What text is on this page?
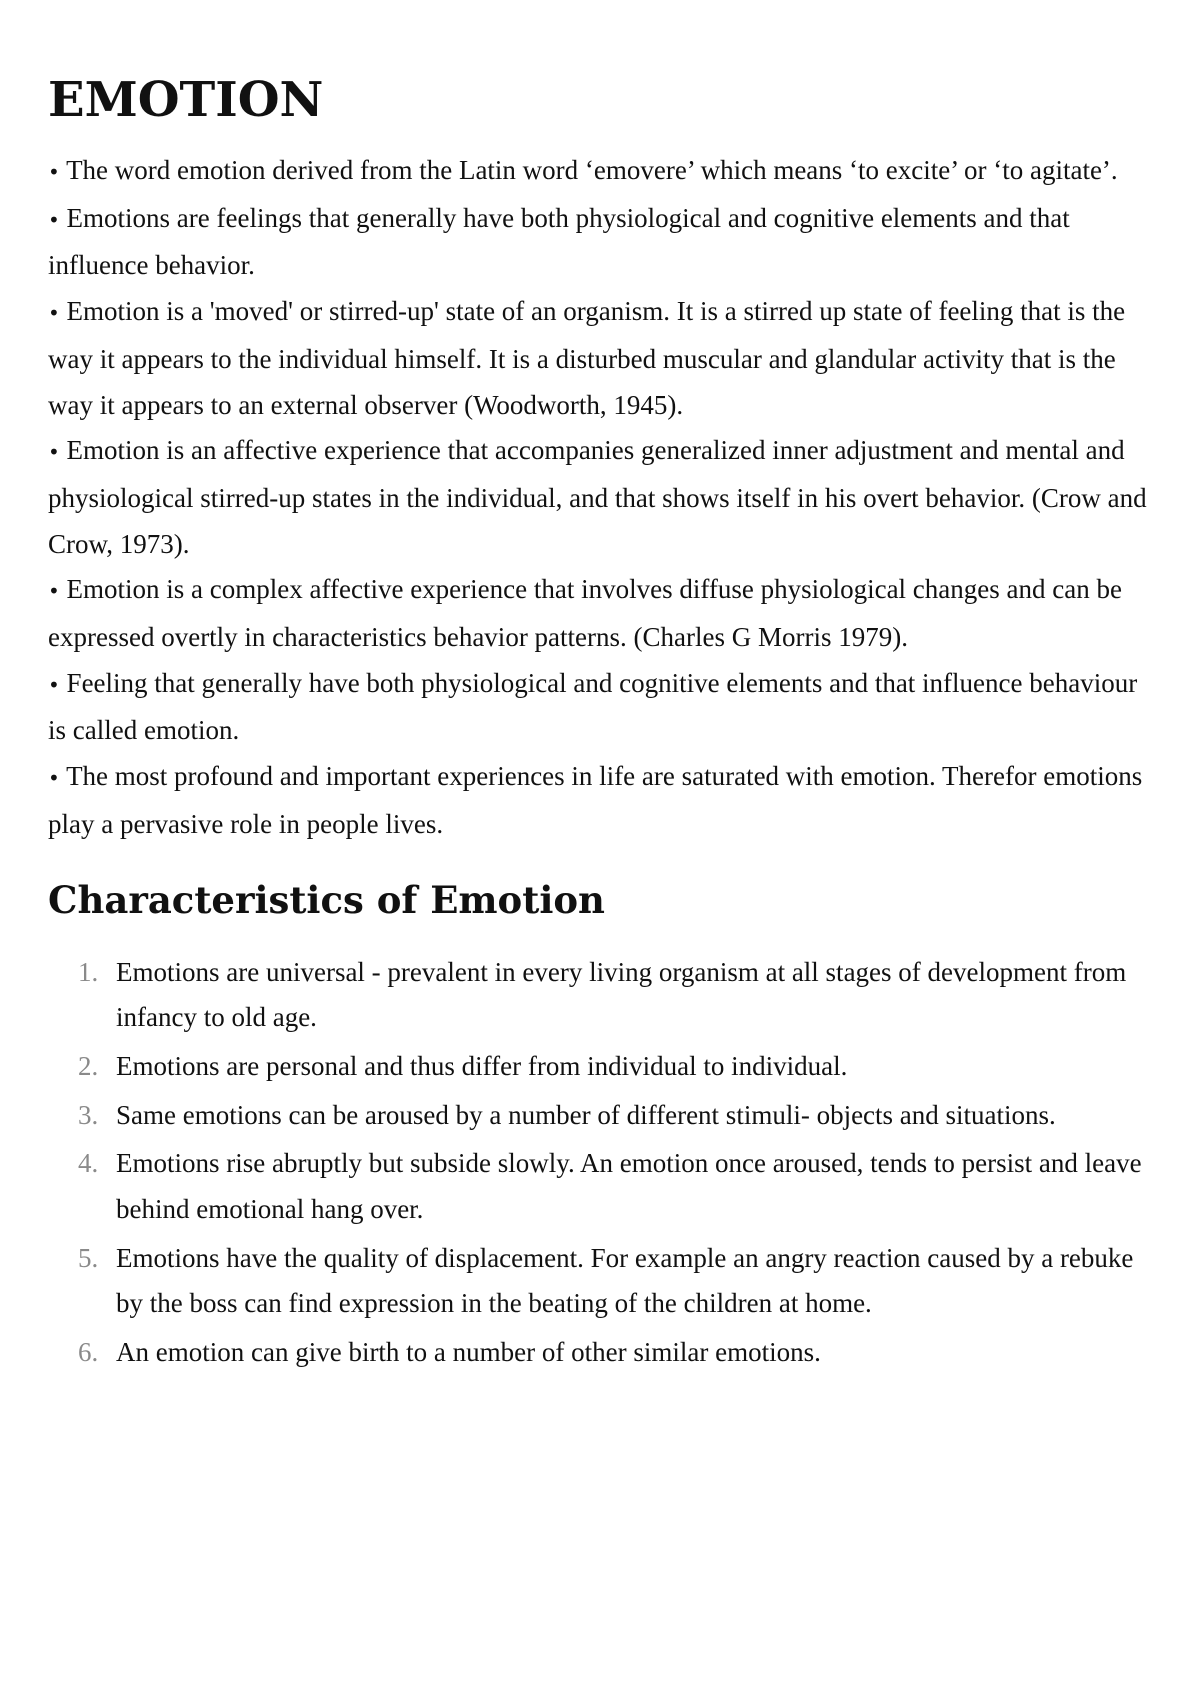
EMOTION

• The word emotion derived from the Latin word ‘emovere’ which means ‘to excite’ or ‘to agitate’.

• Emotions are feelings that generally have both physiological and cognitive elements and that influence behavior.

• Emotion is a 'moved' or stirred-up' state of an organism. It is a stirred up state of feeling that is the way it appears to the individual himself. It is a disturbed muscular and glandular activity that is the way it appears to an external observer (Woodworth, 1945).

• Emotion is an affective experience that accompanies generalized inner adjustment and mental and physiological stirred-up states in the individual, and that shows itself in his overt behavior. (Crow and Crow, 1973).

• Emotion is a complex affective experience that involves diffuse physiological changes and can be expressed overtly in characteristics behavior patterns. (Charles G Morris 1979).

• Feeling that generally have both physiological and cognitive elements and that influence behaviour is called emotion.

• The most profound and important experiences in life are saturated with emotion. Therefor emotions play a pervasive role in people lives.

Characteristics of Emotion
1. Emotions are universal - prevalent in every living organism at all stages of development from infancy to old age.
2. Emotions are personal and thus differ from individual to individual.
3. Same emotions can be aroused by a number of different stimuli- objects and situations.
4. Emotions rise abruptly but subside slowly. An emotion once aroused, tends to persist and leave behind emotional hang over.
5. Emotions have the quality of displacement. For example an angry reaction caused by a rebuke by the boss can find expression in the beating of the children at home.
6. An emotion can give birth to a number of other similar emotions.
